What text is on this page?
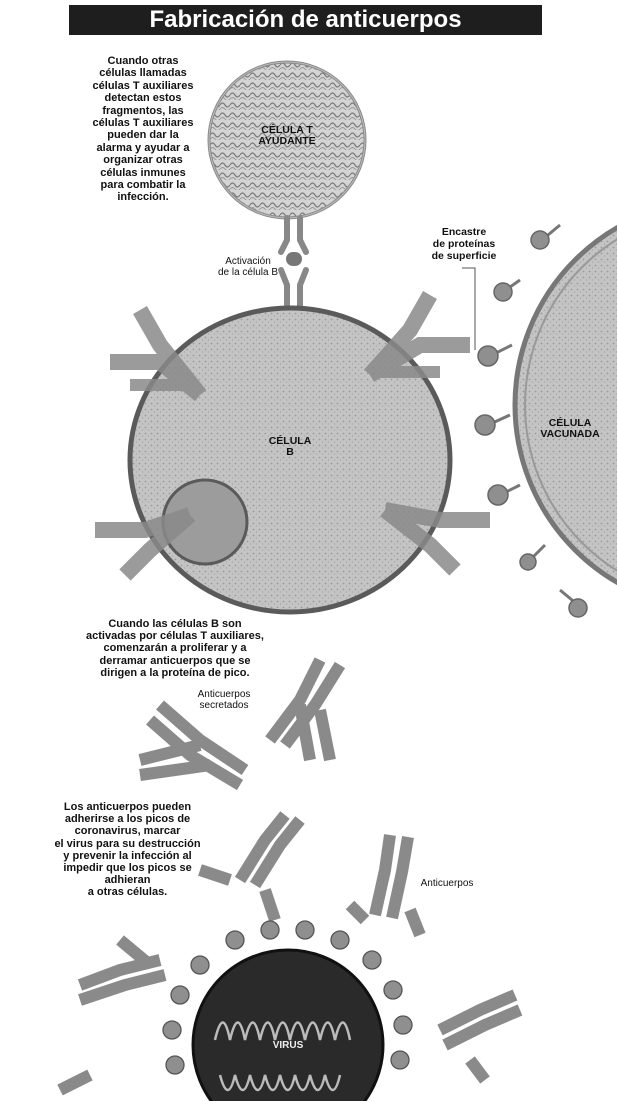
Fabricación de anticuerpos
Cuando otras
células llamadas
células T auxiliares
detectan estos
fragmentos, las
células T auxiliares
pueden dar la
alarma y ayudar a
organizar otras
células inmunes
para combatir la
infección.
CÉLULA T
AYUDANTE
Activación
de la célula B
Encastre
de proteínas
de superficie
CÉLULA
B
CÉLULA
VACUNADA
Cuando las células B son
activadas por células T auxiliares,
comenzarán a proliferar y a
derramar anticuerpos que se
dirigen a la proteína de pico.
Anticuerpos
secretados
Los anticuerpos pueden
adherirse a los picos de
coronavirus, marcar
el virus para su destrucción
y prevenir la infección al
impedir que los picos se
adhieran
a otras células.
Anticuerpos
VIRUS
